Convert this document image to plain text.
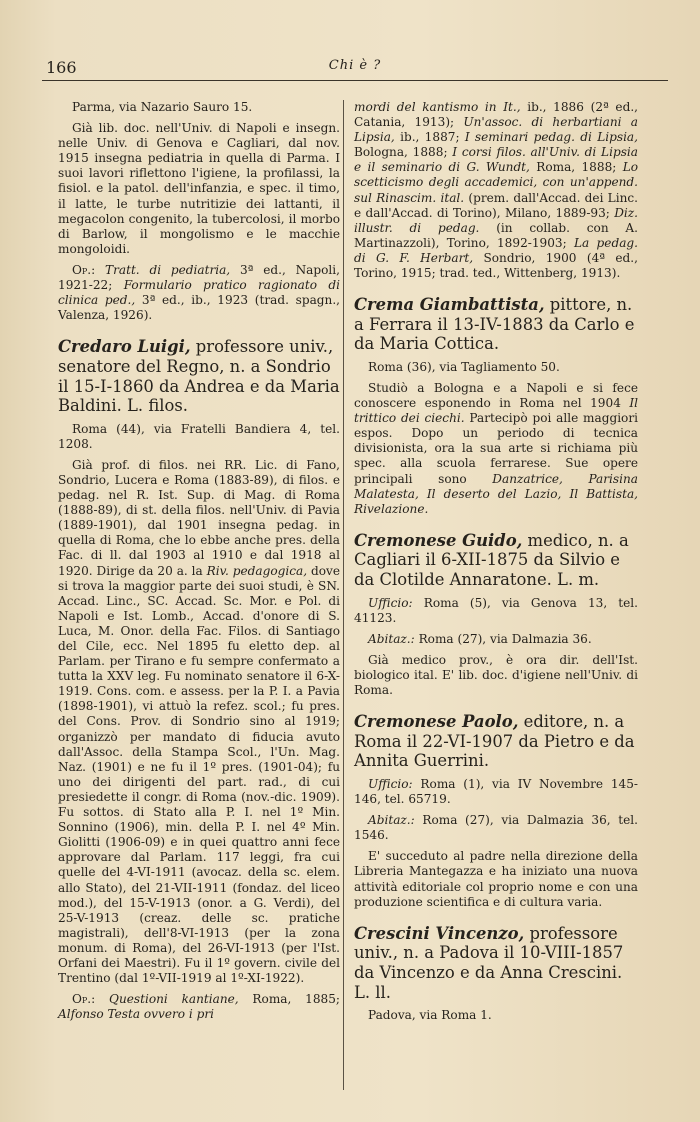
166	Chi è ?

Parma, via Nazario Sauro 15.

Già lib. doc. nell'Univ. di Napoli e insegn. nelle Univ. di Genova e Cagliari, dal nov. 1915 insegna pediatria in quella di Parma. I suoi lavori riflettono l'igiene, la profilassi, la fisiol. e la patol. dell'infanzia, e spec. il timo, il latte, le turbe nutritizie dei lattanti, il megacolon congenito, la tubercolosi, il morbo di Barlow, il mongolismo e le macchie mongoloidi.

Op.: Tratt. di pediatria, 3ª ed., Napoli, 1921-22; Formulario pratico ragionato di clinica ped., 3ª ed., ib., 1923 (trad. spagn., Valenza, 1926).

Credaro Luigi, professore univ., senatore del Regno, n. a Sondrio il 15-I-1860 da Andrea e da Maria Baldini. L. filos.

Roma (44), via Fratelli Bandiera 4, tel. 1208.

Già prof. di filos. nei RR. Lic. di Fano, Sondrio, Lucera e Roma (1883-89), di filos. e pedag. nel R. Ist. Sup. di Mag. di Roma (1888-89), di st. della filos. nell'Univ. di Pavia (1889-1901), dal 1901 insegna pedag. in quella di Roma, che lo ebbe anche pres. della Fac. di ll. dal 1903 al 1910 e dal 1918 al 1920. Dirige da 20 a. la Riv. pedagogica, dove si trova la maggior parte dei suoi studi, è SN. Accad. Linc., SC. Accad. Sc. Mor. e Pol. di Napoli e Ist. Lomb., Accad. d'onore di S. Luca, M. Onor. della Fac. Filos. di Santiago del Cile, ecc. Nel 1895 fu eletto dep. al Parlam. per Tirano e fu sempre confermato a tutta la XXV leg. Fu nominato senatore il 6-X-1919. Cons. com. e assess. per la P. I. a Pavia (1898-1901), vi attuò la refez. scol.; fu pres. del Cons. Prov. di Sondrio sino al 1919; organizzò per mandato di fiducia avuto dall'Assoc. della Stampa Scol., l'Un. Mag. Naz. (1901) e ne fu il 1º pres. (1901-04); fu uno dei dirigenti del part. rad., di cui presiedette il congr. di Roma (nov.-dic. 1909). Fu sottos. di Stato alla P. I. nel 1º Min. Sonnino (1906), min. della P. I. nel 4º Min. Giolitti (1906-09) e in quei quattro anni fece approvare dal Parlam. 117 leggi, fra cui quelle del 4-VI-1911 (avocaz. della sc. elem. allo Stato), del 21-VII-1911 (fondaz. del liceo mod.), del 15-V-1913 (onor. a G. Verdi), del 25-V-1913 (creaz. delle sc. pratiche magistrali), dell'8-VI-1913 (per la zona monum. di Roma), del 26-VI-1913 (per l'Ist. Orfani dei Maestri). Fu il 1º govern. civile del Trentino (dal 1º-VII-1919 al 1º-XI-1922).

Op.: Questioni kantiane, Roma, 1885; Alfonso Testa ovvero i pri

mordi del kantismo in It., ib., 1886 (2ª ed., Catania, 1913); Un'assoc. di herbartiani a Lipsia, ib., 1887; I seminari pedag. di Lipsia, Bologna, 1888; I corsi filos. all'Univ. di Lipsia e il seminario di G. Wundt, Roma, 1888; Lo scetticismo degli accademici, con un'append. sul Rinascim. ital. (prem. dall'Accad. dei Linc. e dall'Accad. di Torino), Milano, 1889-93; Diz. illustr. di pedag. (in collab. con A. Martinazzoli), Torino, 1892-1903; La pedag. di G. F. Herbart, Sondrio, 1900 (4ª ed., Torino, 1915; trad. ted., Wittenberg, 1913).

Crema Giambattista, pittore, n. a Ferrara il 13-IV-1883 da Carlo e da Maria Cottica.

Roma (36), via Tagliamento 50.

Studiò a Bologna e a Napoli e si fece conoscere esponendo in Roma nel 1904 Il trittico dei ciechi. Partecipò poi alle maggiori espos. Dopo un periodo di tecnica divisionista, ora la sua arte si richiama più spec. alla scuola ferrarese. Sue opere principali sono Danzatrice, Parisina Malatesta, Il deserto del Lazio, Il Battista, Rivelazione.

Cremonese Guido, medico, n. a Cagliari il 6-XII-1875 da Silvio e da Clotilde Annaratone. L. m.

Ufficio: Roma (5), via Genova 13, tel. 41123.

Abitaz.: Roma (27), via Dalmazia 36.

Già medico prov., è ora dir. dell'Ist. biologico ital. E' lib. doc. d'igiene nell'Univ. di Roma.

Cremonese Paolo, editore, n. a Roma il 22-VI-1907 da Pietro e da Annita Guerrini.

Ufficio: Roma (1), via IV Novembre 145-146, tel. 65719.

Abitaz.: Roma (27), via Dalmazia 36, tel. 1546.

E' succeduto al padre nella direzione della Libreria Mantegazza e ha iniziato una nuova attività editoriale col proprio nome e con una produzione scientifica e di cultura varia.

Crescini Vincenzo, professore univ., n. a Padova il 10-VIII-1857 da Vincenzo e da Anna Crescini. L. ll.

Padova, via Roma 1.
